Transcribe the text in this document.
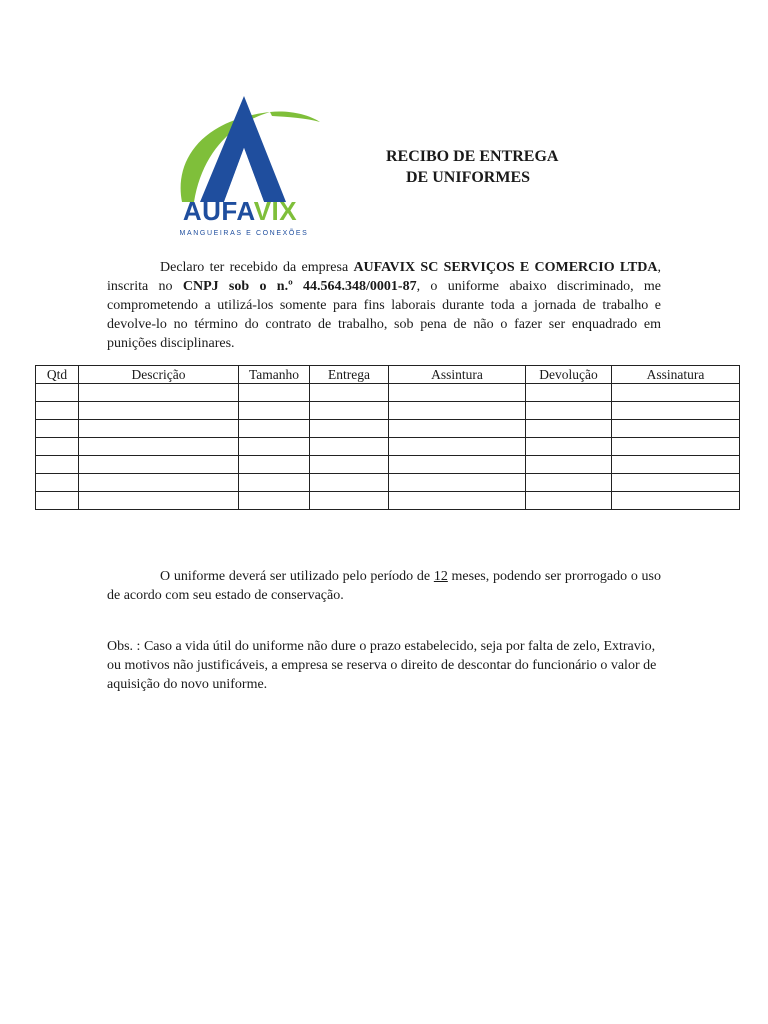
AUFAVIX
MANGUEIRAS E CONEXÕES
RECIBO DE ENTREGA
DE UNIFORMES

Declaro ter recebido da empresa AUFAVIX SC SERVIÇOS E COMERCIO LTDA, inscrita no CNPJ sob o n.º 44.564.348/0001-87, o uniforme abaixo discriminado, me comprometendo a utilizá-los somente para fins laborais durante toda a jornada de trabalho e devolve-lo no término do contrato de trabalho, sob pena de não o fazer ser enquadrado em punições disciplinares.

Qtd	Descrição	Tamanho	Entrega	Assintura	Devolução	Assinatura

O uniforme deverá ser utilizado pelo período de 12 meses, podendo ser prorrogado o uso de acordo com seu estado de conservação.

Obs. : Caso a vida útil do uniforme não dure o prazo estabelecido, seja por falta de zelo, Extravio, ou motivos não justificáveis, a empresa se reserva o direito de descontar do funcionário o valor de aquisição do novo uniforme.
